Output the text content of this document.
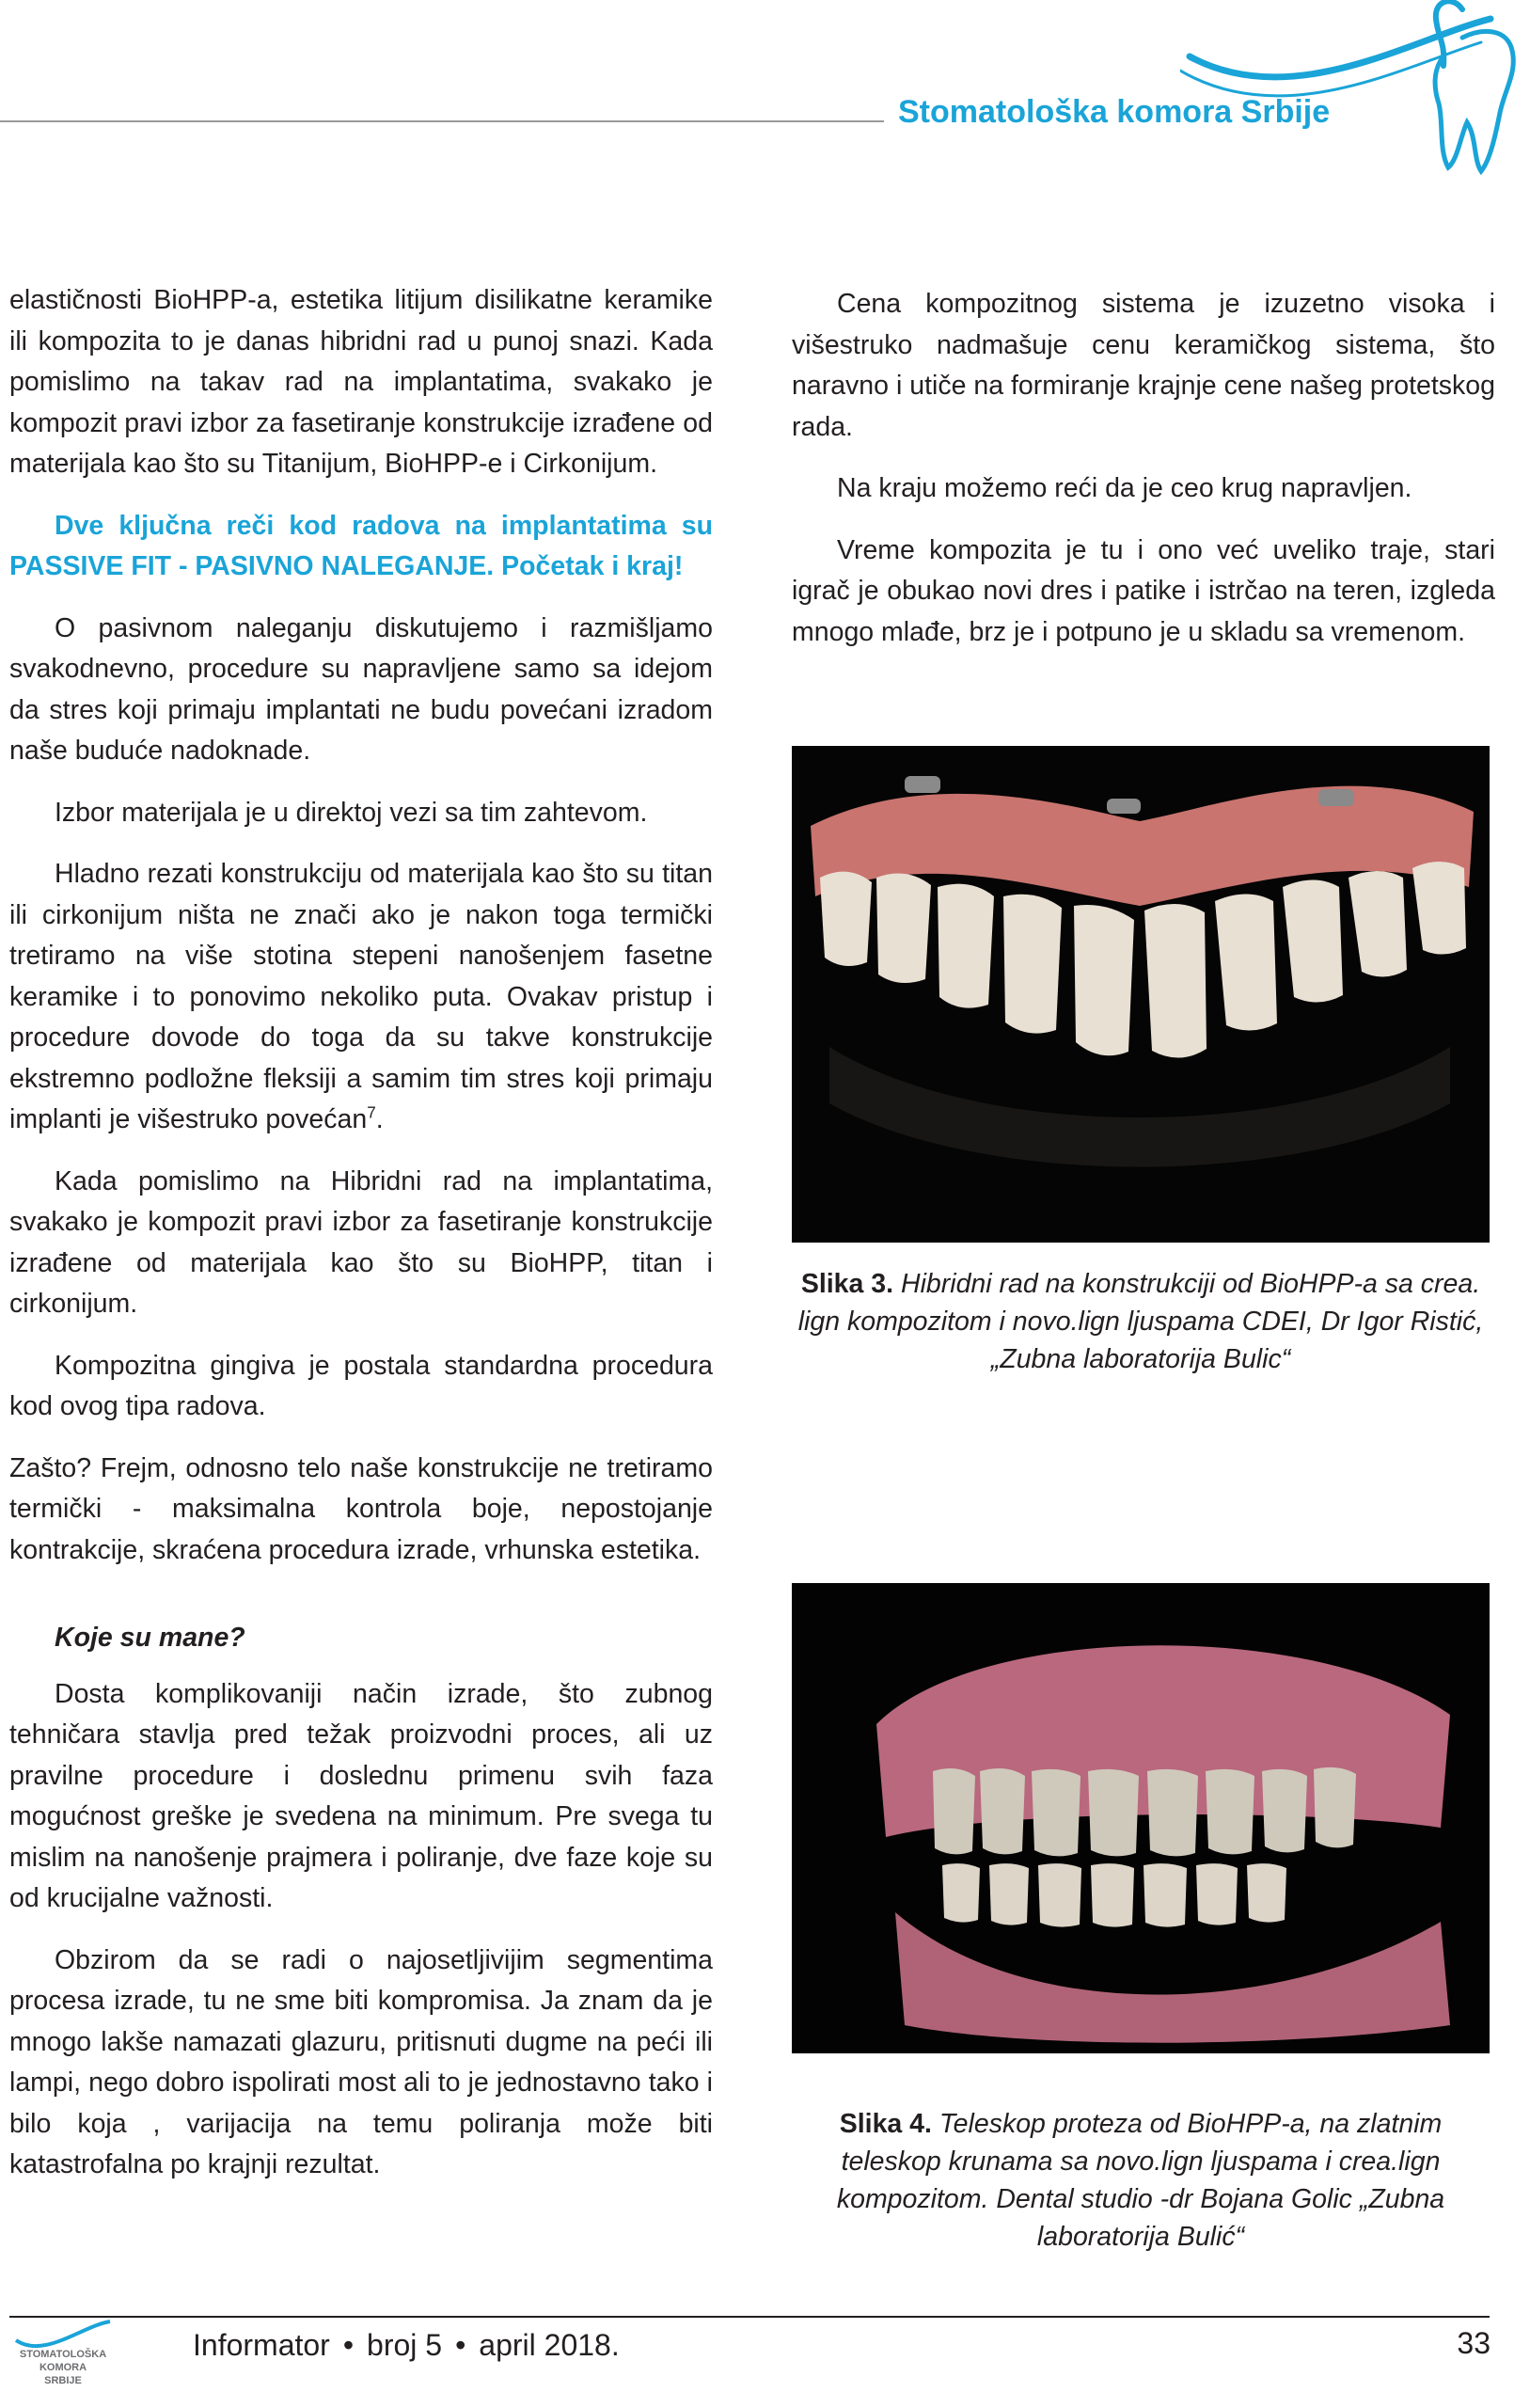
Stomatološka komora Srbije

elastičnosti BioHPP-a, estetika litijum disilikatne keramike ili kompozita to je danas hibridni rad u punoj snazi. Kada pomislimo na takav rad na implantatima, svakako je kompozit pravi izbor za fasetiranje konstrukcije izrađene od materijala kao što su Titanijum, BioHPP-e i Cirkonijum.

Dve ključna reči kod radova na implantatima su PASSIVE FIT - PASIVNO NALEGANJE. Početak i kraj!

O pasivnom naleganju diskutujemo i razmišljamo svakodnevno, procedure su napravljene samo sa idejom da stres koji primaju implantati ne budu povećani izradom naše buduće nadoknade.

Izbor materijala je u direktoj vezi sa tim zahtevom.

Hladno rezati konstrukciju od materijala kao što su titan ili cirkonijum ništa ne znači ako je nakon toga termički tretiramo na više stotina stepeni nanošenjem fasetne keramike i to ponovimo nekoliko puta. Ovakav pristup i procedure dovode do toga da su takve konstrukcije ekstremno podložne fleksiji a samim tim stres koji primaju implanti je višestruko povećan$^7$.

Kada pomislimo na Hibridni rad na implantatima, svakako je kompozit pravi izbor za fasetiranje konstrukcije izrađene od materijala kao što su BioHPP, titan i cirkonijum.

Kompozitna gingiva je postala standardna procedura kod ovog tipa radova.

Zašto? Frejm, odnosno telo naše konstrukcije ne tretiramo termički - maksimalna kontrola boje, nepostojanje kontrakcije, skraćena procedura izrade, vrhunska estetika.

Koje su mane?

Dosta komplikovaniji način izrade, što zubnog tehničara stavlja pred težak proizvodni proces, ali uz pravilne procedure i doslednu primenu svih faza mogućnost greške je svedena na minimum. Pre svega tu mislim na nanošenje prajmera i poliranje, dve faze koje su od krucijalne važnosti.

Obzirom da se radi o najosetljivijim segmentima procesa izrade, tu ne sme biti kompromisa. Ja znam da je mnogo lakše namazati glazuru, pritisnuti dugme na peći ili lampi, nego dobro ispolirati most ali to je jednostavno tako i bilo koja , varijacija na temu poliranja može biti katastrofalna po krajnji rezultat.

Cena kompozitnog sistema je izuzetno visoka i višestruko nadmašuje cenu keramičkog sistema, što naravno i utiče na formiranje krajnje cene našeg protetskog rada.

Na kraju možemo reći da je ceo krug napravljen.

Vreme kompozita je tu i ono već uveliko traje, stari igrač je obukao novi dres i patike i istrčao na teren, izgleda mnogo mlađe, brz je i potpuno je u skladu sa vremenom.

Slika 3. Hibridni rad na konstrukciji od BioHPP-a sa crea. lign kompozitom i novo.lign ljuspama CDEI, Dr Igor Ristić, „Zubna laboratorija Bulic“
Slika 4. Teleskop proteza od BioHPP-a, na zlatnim teleskop krunama sa novo.lign ljuspama i crea.lign kompozitom. Dental studio -dr Bojana Golic „Zubna laboratorija Bulić“
STOMATOLOŠKA
KOMORA
SRBIJE
Informator • broj 5 • april 2018.	33
